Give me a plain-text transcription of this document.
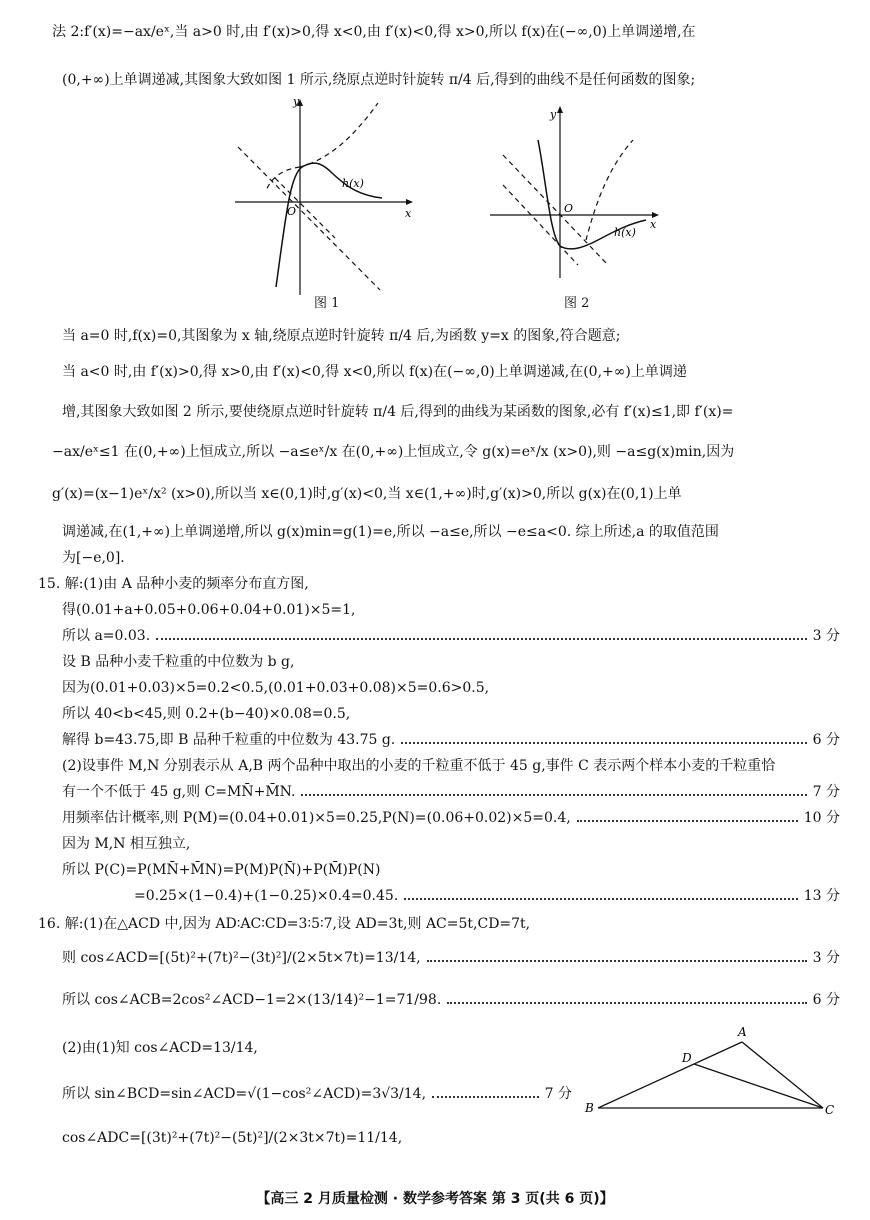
法 2:f′(x)=−ax/eˣ,当 a>0 时,由 f′(x)>0,得 x<0,由 f′(x)<0,得 x>0,所以 f(x)在(−∞,0)上单调递增,在
(0,+∞)上单调递减,其图象大致如图 1 所示,绕原点逆时针旋转 π/4 后,得到的曲线不是任何函数的图象;
y
x
O
h(x)
图 1
y
x
O
h(x)
图 2
当 a=0 时,f(x)=0,其图象为 x 轴,绕原点逆时针旋转 π/4 后,为函数 y=x 的图象,符合题意;
当 a<0 时,由 f′(x)>0,得 x>0,由 f′(x)<0,得 x<0,所以 f(x)在(−∞,0)上单调递减,在(0,+∞)上单调递
增,其图象大致如图 2 所示,要使绕原点逆时针旋转 π/4 后,得到的曲线为某函数的图象,必有 f′(x)≤1,即 f′(x)=
−ax/eˣ≤1 在(0,+∞)上恒成立,所以 −a≤eˣ/x 在(0,+∞)上恒成立,令 g(x)=eˣ/x (x>0),则 −a≤g(x)min,因为
g′(x)=(x−1)eˣ/x² (x>0),所以当 x∈(0,1)时,g′(x)<0,当 x∈(1,+∞)时,g′(x)>0,所以 g(x)在(0,1)上单
调递减,在(1,+∞)上单调递增,所以 g(x)min=g(1)=e,所以 −a≤e,所以 −e≤a<0. 综上所述,a 的取值范围
为[−e,0].
15. 解:(1)由 A 品种小麦的频率分布直方图,
得(0.01+a+0.05+0.06+0.04+0.01)×5=1,
所以 a=0.03.	3 分
设 B 品种小麦千粒重的中位数为 b g,
因为(0.01+0.03)×5=0.2<0.5,(0.01+0.03+0.08)×5=0.6>0.5,
所以 40<b<45,则 0.2+(b−40)×0.08=0.5,
解得 b=43.75,即 B 品种千粒重的中位数为 43.75 g.	6 分
(2)设事件 M,N 分别表示从 A,B 两个品种中取出的小麦的千粒重不低于 45 g,事件 C 表示两个样本小麦的千粒重恰
有一个不低于 45 g,则 C=MN̄+M̄N.	7 分
用频率估计概率,则 P(M)=(0.04+0.01)×5=0.25,P(N)=(0.06+0.02)×5=0.4,	10 分
因为 M,N 相互独立,
所以 P(C)=P(MN̄+M̄N)=P(M)P(N̄)+P(M̄)P(N)
=0.25×(1−0.4)+(1−0.25)×0.4=0.45.	13 分
16. 解:(1)在△ACD 中,因为 AD∶AC∶CD=3∶5∶7,设 AD=3t,则 AC=5t,CD=7t,
则 cos∠ACD=[(5t)²+(7t)²−(3t)²]/(2×5t×7t)=13/14,	3 分
所以 cos∠ACB=2cos²∠ACD−1=2×(13/14)²−1=71/98.	6 分
(2)由(1)知 cos∠ACD=13/14,
所以 sin∠BCD=sin∠ACD=√(1−cos²∠ACD)=3√3/14,	7 分
cos∠ADC=[(3t)²+(7t)²−(5t)²]/(2×3t×7t)=11/14,
A
B	C
D
【高三 2 月质量检测 · 数学参考答案 第 3 页(共 6 页)】
